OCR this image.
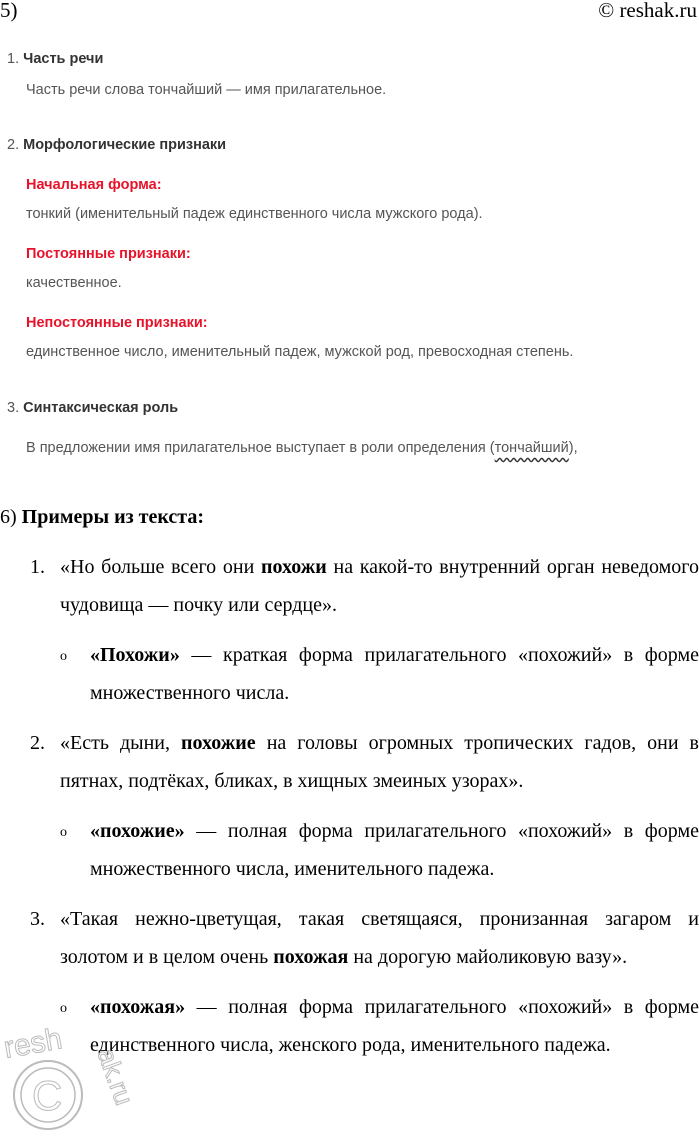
5)	© reshak.ru
1. Часть речи
Часть речи слова тончайший — имя прилагательное.
2. Морфологические признаки
Начальная форма:
тонкий (именительный падеж единственного числа мужского рода).
Постоянные признаки:
качественное.
Непостоянные признаки:
единственное число, именительный падеж, мужской род, превосходная степень.
3. Синтаксическая роль
В предложении имя прилагательное выступает в роли определения (тончайший),
6) Примеры из текста:
1. «Но больше всего они похожи на какой-то внутренний орган неведомого чудовища — почку или сердце».

o «Похожи» — краткая форма прилагательного «похожий» в форме множественного числа.

2. «Есть дыни, похожие на головы огромных тропических гадов, они в пятнах, подтёках, бликах, в хищных змеиных узорах».

o «похожие» — полная форма прилагательного «похожий» в форме множественного числа, именительного падежа.

3. «Такая нежно-цветущая, такая светящаяся, пронизанная загаром и золотом и в целом очень похожая на дорогую майоликовую вазу».

o «похожая» — полная форма прилагательного «похожий» в форме единственного числа, женского рода, именительного падежа.

C
resh
ak.ru
